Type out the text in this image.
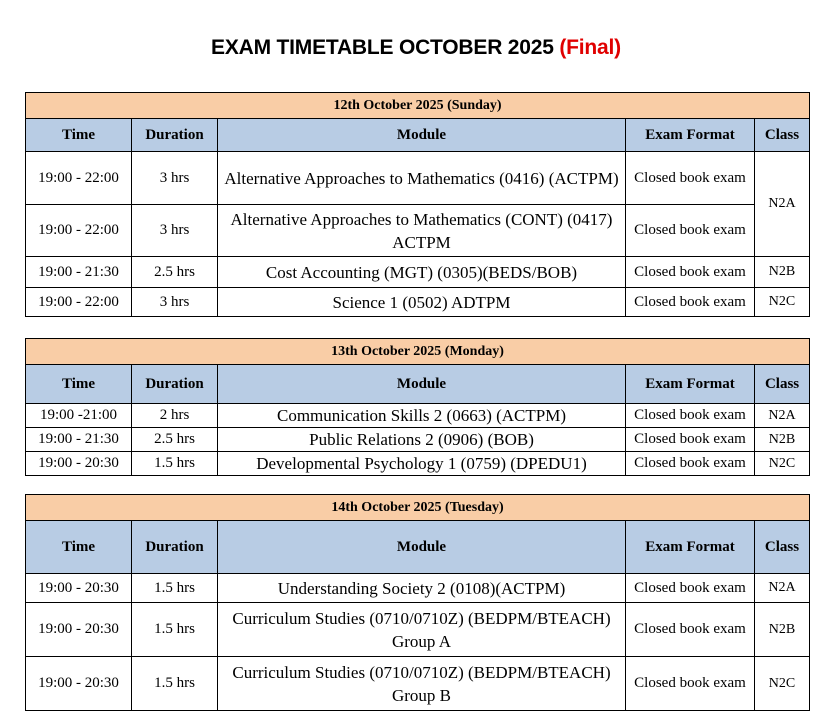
EXAM TIMETABLE OCTOBER 2025 (Final)
12th October 2025 (Sunday)				
Time	Duration	Module	Exam Format	Class
19:00 - 22:00	3 hrs	Alternative Approaches to Mathematics (0416) (ACTPM)	Closed book exam	N2A
19:00 - 22:00	3 hrs	Alternative Approaches to Mathematics (CONT) (0417) ACTPM	Closed book exam	
19:00 - 21:30	2.5 hrs	Cost Accounting (MGT) (0305)(BEDS/BOB)	Closed book exam	N2B
19:00 - 22:00	3 hrs	Science 1 (0502) ADTPM	Closed book exam	N2C
13th October 2025 (Monday)				
Time	Duration	Module	Exam Format	Class
19:00 -21:00	2 hrs	Communication Skills 2 (0663) (ACTPM)	Closed book exam	N2A
19:00 - 21:30	2.5 hrs	Public Relations 2 (0906) (BOB)	Closed book exam	N2B
19:00 - 20:30	1.5 hrs	Developmental Psychology 1 (0759) (DPEDU1)	Closed book exam	N2C
14th October 2025 (Tuesday)				
Time	Duration	Module	Exam Format	Class
19:00 - 20:30	1.5 hrs	Understanding Society 2 (0108)(ACTPM)	Closed book exam	N2A
19:00 - 20:30	1.5 hrs	Curriculum Studies (0710/0710Z) (BEDPM/BTEACH) Group A	Closed book exam	N2B
19:00 - 20:30	1.5 hrs	Curriculum Studies (0710/0710Z) (BEDPM/BTEACH) Group B	Closed book exam	N2C
